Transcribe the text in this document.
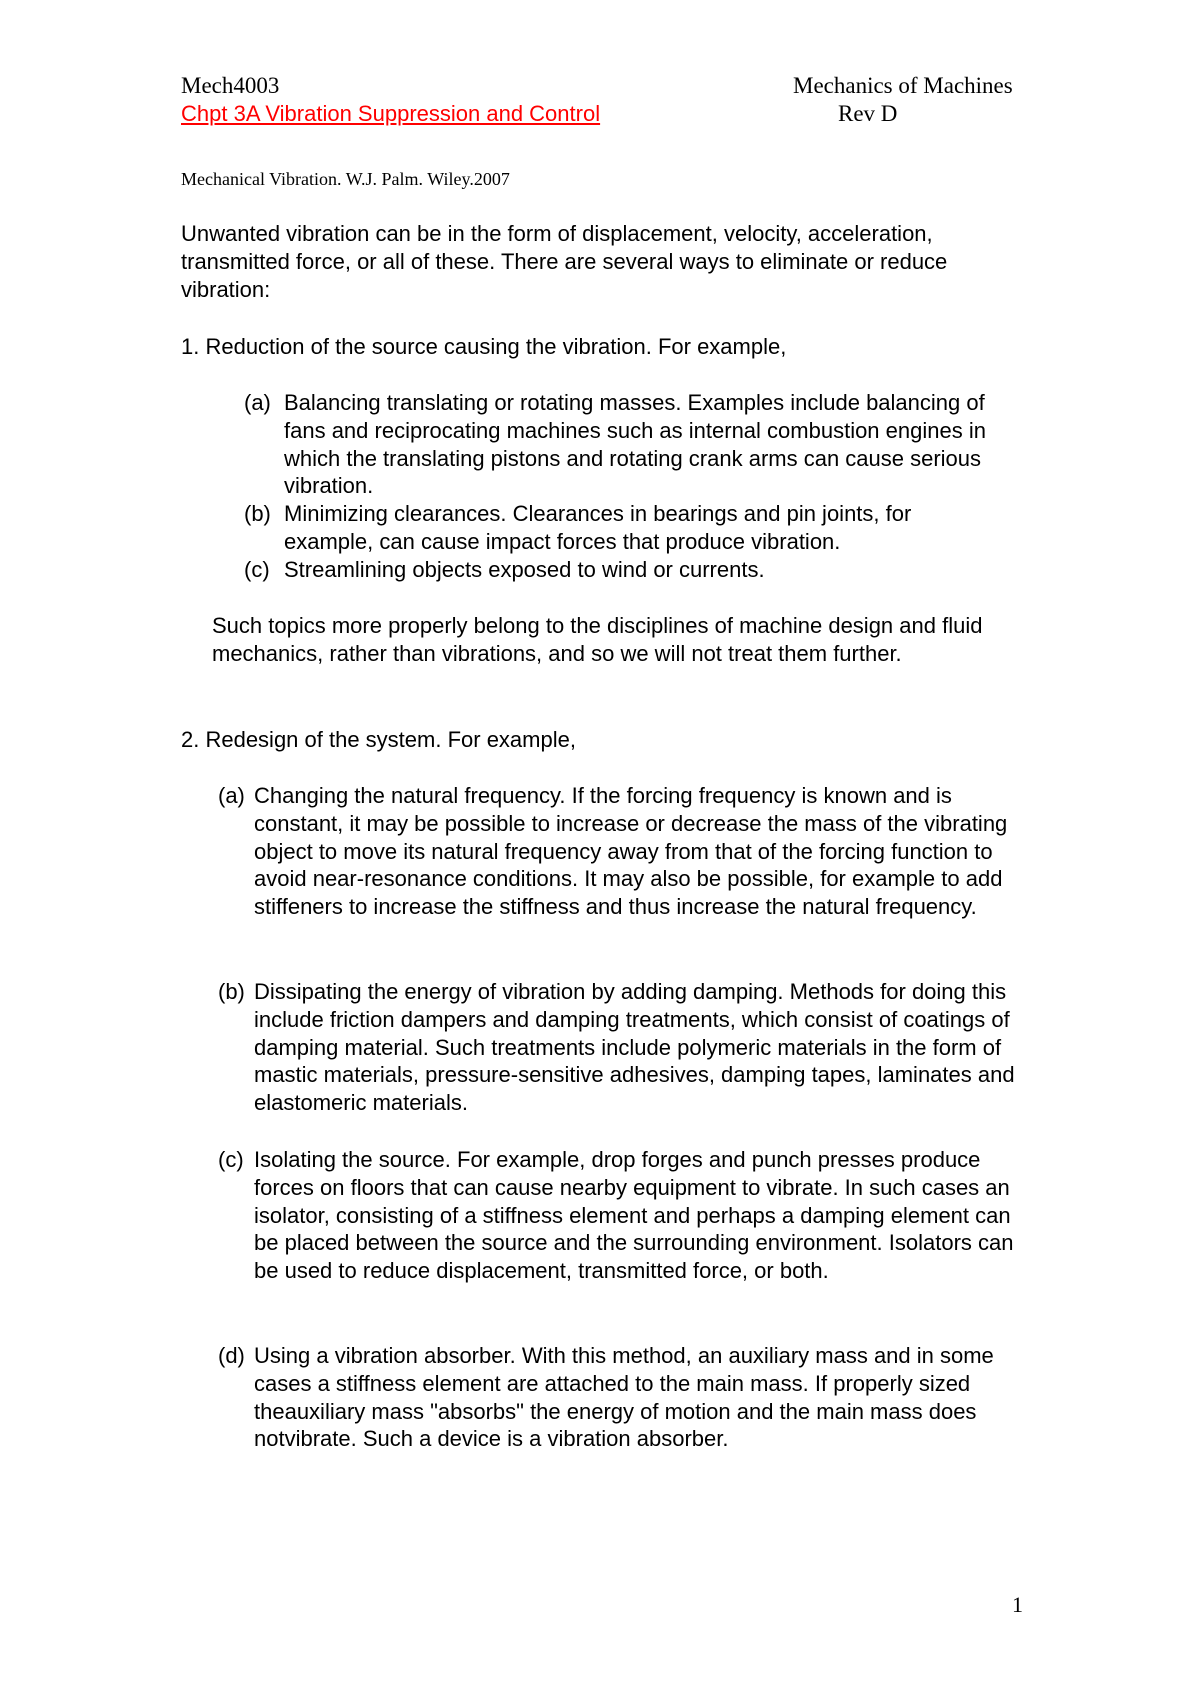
Mech4003	Mechanics of Machines
Chpt 3A Vibration Suppression and Control	Rev D
Mechanical Vibration. W.J. Palm. Wiley.2007

Unwanted vibration can be in the form of displacement, velocity, acceleration, transmitted force, or all of these. There are several ways to eliminate or reduce vibration:

1. Reduction of the source causing the vibration. For example,

(a) Balancing translating or rotating masses. Examples include balancing of fans and reciprocating machines such as internal combustion engines in which the translating pistons and rotating crank arms can cause serious vibration.
(b) Minimizing clearances. Clearances in bearings and pin joints, for example, can cause impact forces that produce vibration.
(c) Streamlining objects exposed to wind or currents.

Such topics more properly belong to the disciplines of machine design and fluid mechanics, rather than vibrations, and so we will not treat them further.

2. Redesign of the system. For example,

(a) Changing the natural frequency. If the forcing frequency is known and is constant, it may be possible to increase or decrease the mass of the vibrating object to move its natural frequency away from that of the forcing function to avoid near-resonance conditions. It may also be possible, for example to add stiffeners to increase the stiffness and thus increase the natural frequency.
(b) Dissipating the energy of vibration by adding damping. Methods for doing this include friction dampers and damping treatments, which consist of coatings of damping material. Such treatments include polymeric materials in the form of mastic materials, pressure-sensitive adhesives, damping tapes, laminates and elastomeric materials.
(c) Isolating the source. For example, drop forges and punch presses produce forces on floors that can cause nearby equipment to vibrate. In such cases an isolator, consisting of a stiffness element and perhaps a damping element can be placed between the source and the surrounding environment. Isolators can be used to reduce displacement, transmitted force, or both.
(d) Using a vibration absorber. With this method, an auxiliary mass and in some cases a stiffness element are attached to the main mass. If properly sized theauxiliary mass "absorbs" the energy of motion and the main mass does notvibrate. Such a device is a vibration absorber.
1
